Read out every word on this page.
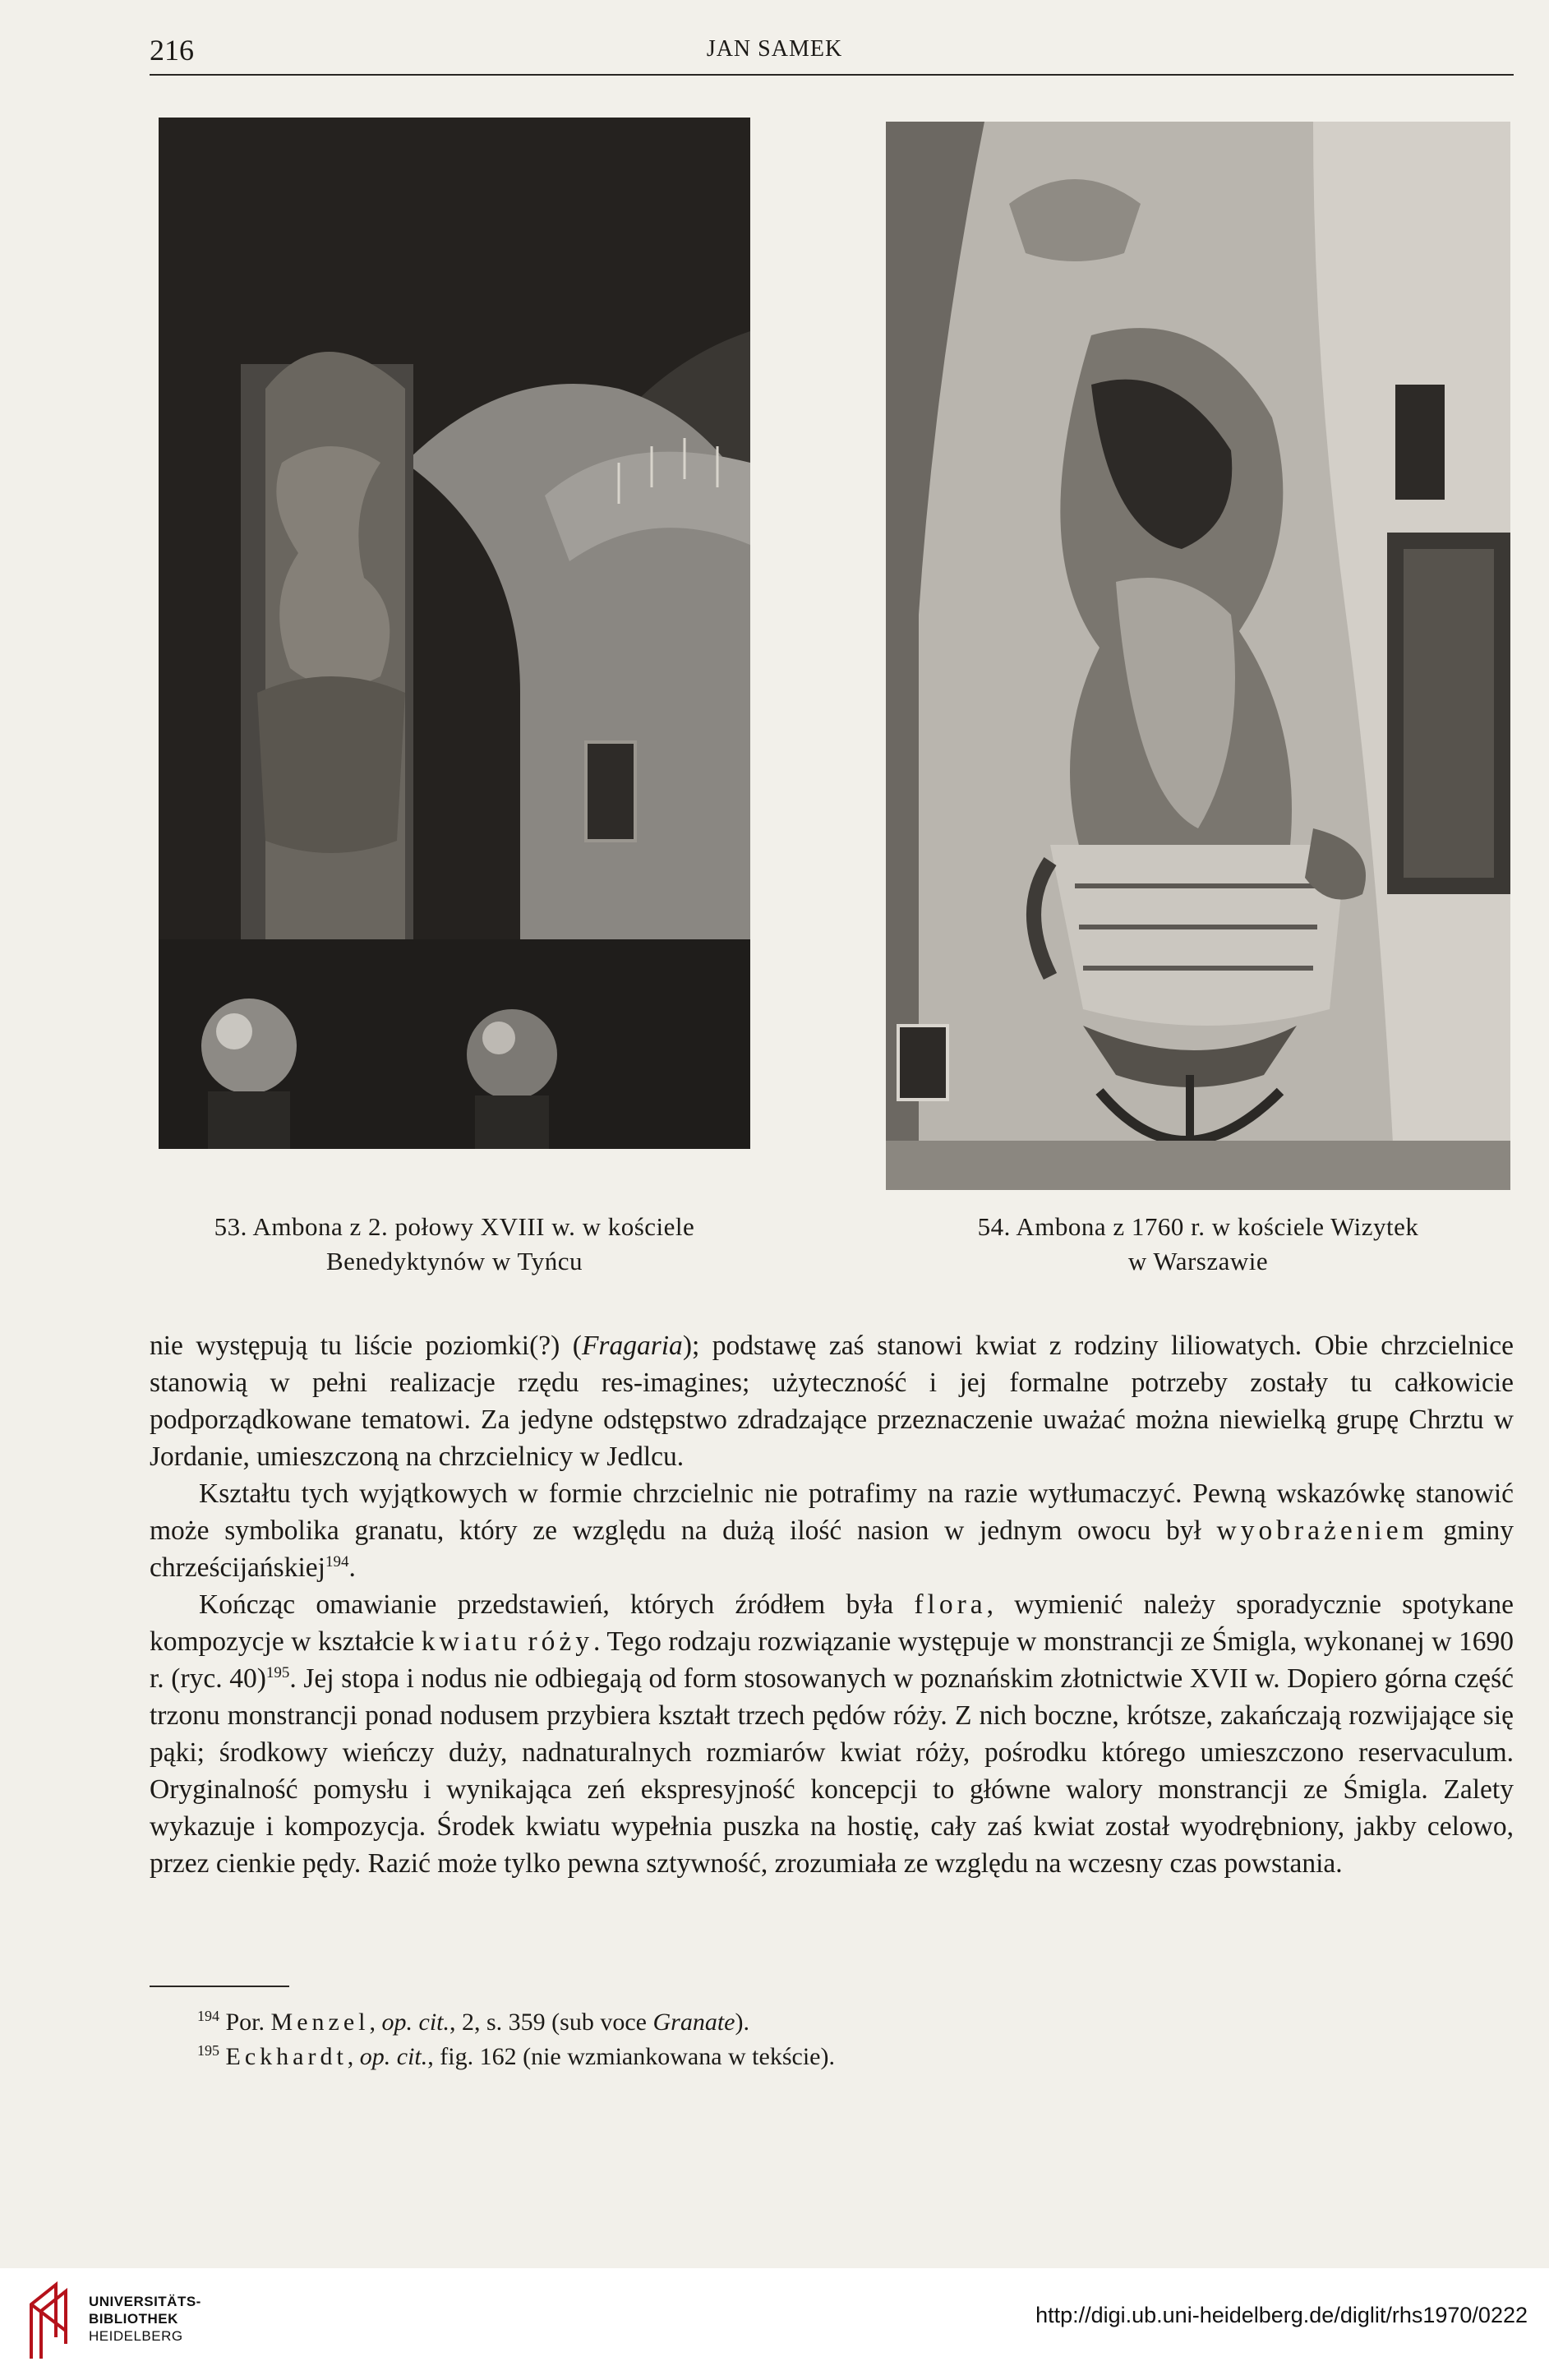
216	JAN SAMEK
53. Ambona z 2. połowy XVIII w. w kościele
Benedyktynów w Tyńcu
54. Ambona z 1760 r. w kościele Wizytek
w Warszawie

nie występują tu liście poziomki(?) (Fragaria); podstawę zaś stanowi kwiat z rodziny liliowatych. Obie chrzcielnice stanowią w pełni realizacje rzędu res-imagines; użyteczność i jej formalne potrzeby zostały tu całkowicie podporządkowane tematowi. Za jedyne odstępstwo zdradzające przeznaczenie uważać można niewielką grupę Chrztu w Jordanie, umieszczoną na chrzcielnicy w Jedlcu.

Kształtu tych wyjątkowych w formie chrzcielnic nie potrafimy na razie wytłumaczyć. Pewną wskazówkę stanowić może symbolika granatu, który ze względu na dużą ilość nasion w jednym owocu był wyobrażeniem gminy chrześcijańskiej$^{194}$.

Kończąc omawianie przedstawień, których źródłem była flora, wymienić należy sporadycznie spotykane kompozycje w kształcie kwiatu róży. Tego rodzaju rozwiązanie występuje w monstrancji ze Śmigla, wykonanej w 1690 r. (ryc. 40)$^{195}$. Jej stopa i nodus nie odbiegają od form stosowanych w poznańskim złotnictwie XVII w. Dopiero górna część trzonu monstrancji ponad nodusem przybiera kształt trzech pędów róży. Z nich boczne, krótsze, zakańczają rozwijające się pąki; środkowy wieńczy duży, nadnaturalnych rozmiarów kwiat róży, pośrodku którego umieszczono reservaculum. Oryginalność pomysłu i wynikająca zeń ekspresyjność koncepcji to główne walory monstrancji ze Śmigla. Zalety wykazuje i kompozycja. Środek kwiatu wypełnia puszka na hostię, cały zaś kwiat został wyodrębniony, jakby celowo, przez cienkie pędy. Razić może tylko pewna sztywność, zrozumiała ze względu na wczesny czas powstania.

$^{194}$ Por. Menzel, op. cit., 2, s. 359 (sub voce Granate).
$^{195}$ Eckhardt, op. cit., fig. 162 (nie wzmiankowana w tekście).
UNIVERSITÄTS-
BIBLIOTHEK
HEIDELBERG
http://digi.ub.uni-heidelberg.de/diglit/rhs1970/0222
